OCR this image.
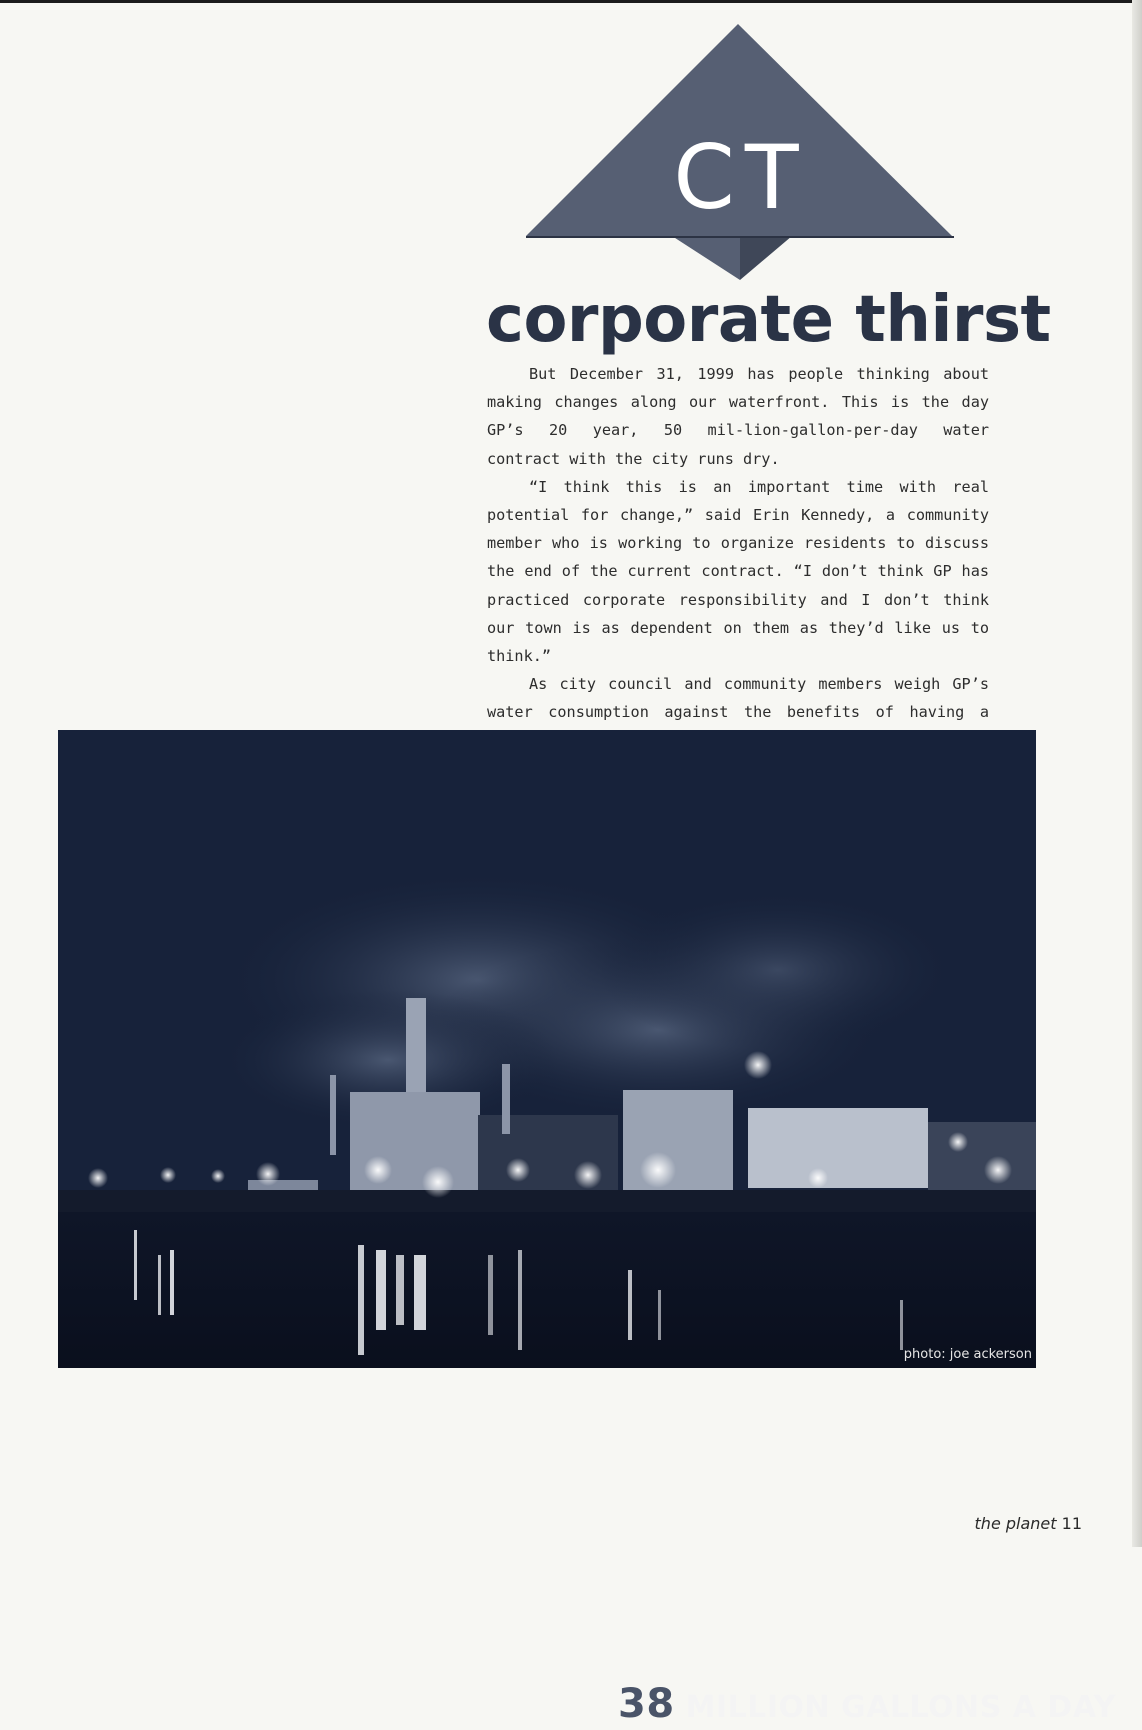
CT
corporate thirst

But December 31, 1999 has people thinking about making changes along our waterfront. This is the day GP’s 20 year, 50 mil-lion-gallon-per-day water contract with the city runs dry.

“I think this is an important time with real potential for change,” said Erin Kennedy, a community member who is working to organize residents to discuss the end of the current contract. “I don’t think GP has practiced corporate responsibility and I don’t think our town is as dependent on them as they’d like us to think.”

As city council and community members weigh GP’s water consumption against the benefits of having a

38 MILLION GALLONS A DAY
photo: joe ackerson
the planet 11
